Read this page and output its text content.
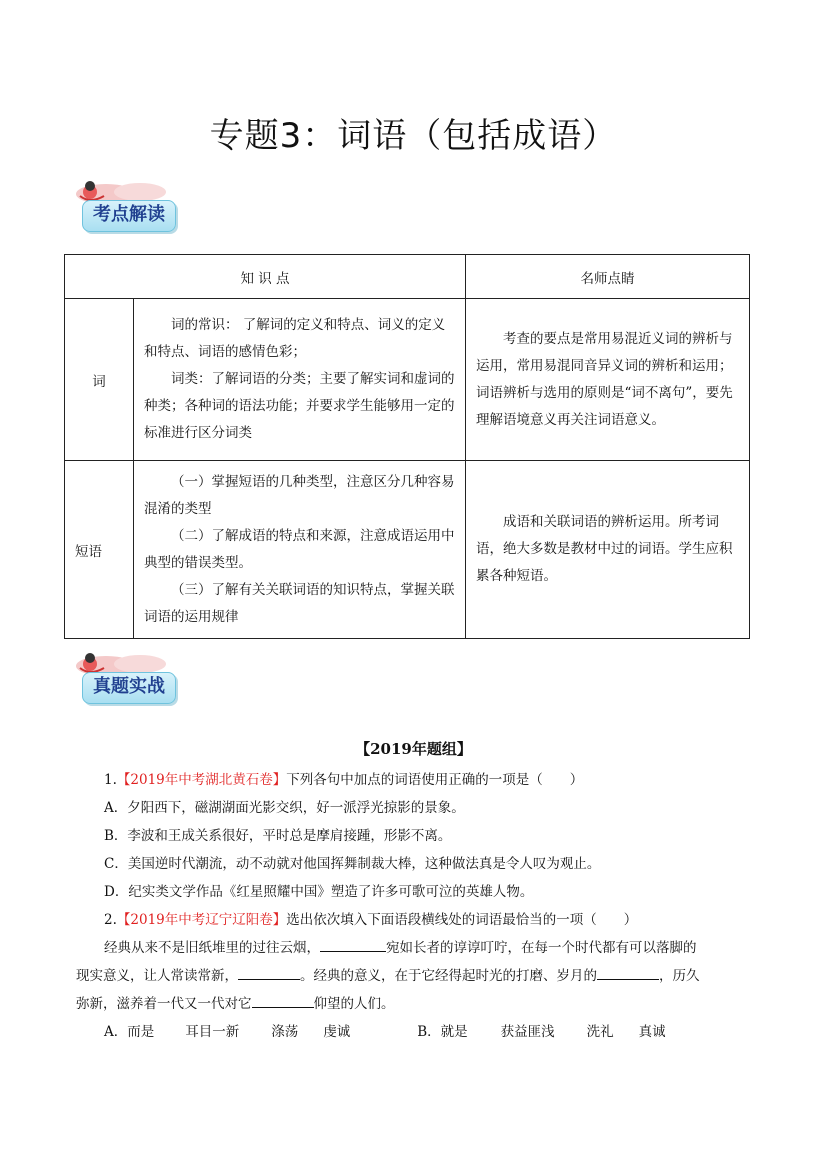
专题3：词语（包括成语）
考点解读
知 识 点		名师点睛
词	词的常识： 了解词的定义和特点、词义的定义和特点、词语的感情色彩；

词类：了解词语的分类；主要了解实词和虚词的种类；各种词的语法功能；并要求学生能够用一定的标准进行区分词类	考查的要点是常用易混近义词的辨析与运用，常用易混同音异义词的辨析和运用；词语辨析与选用的原则是“词不离句”，要先理解语境意义再关注词语意义。

短语	（一）掌握短语的几种类型，注意区分几种容易混淆的类型

（二）了解成语的特点和来源，注意成语运用中典型的错误类型。

（三）了解有关关联词语的知识特点，掌握关联词语的运用规律	成语和关联词语的辨析运用。所考词语，绝大多数是教材中过的词语。学生应积累各种短语。

真题实战
【2019年题组】

1.【2019年中考湖北黄石卷】下列各句中加点的词语使用正确的一项是（　　）

A．夕阳西下，磁湖湖面光影交织，好一派浮光掠影的景象。

B．李波和王成关系很好，平时总是摩肩接踵，形影不离。

C．美国逆时代潮流，动不动就对他国挥舞制裁大棒，这种做法真是令人叹为观止。

D．纪实类文学作品《红星照耀中国》塑造了许多可歌可泣的英雄人物。

2.【2019年中考辽宁辽阳卷】选出依次填入下面语段横线处的词语最恰当的一项（　　）

经典从来不是旧纸堆里的过往云烟，	宛如长者的谆谆叮咛，在每一个时代都有可以落脚的

现实意义，让人常读常新，	。经典的意义，在于它经得起时光的打磨、岁月的	，历久

弥新，滋养着一代又一代对它	仰望的人们。

A．而是 耳目一新 涤荡 虔诚	B．就是 获益匪浅 洗礼 真诚
